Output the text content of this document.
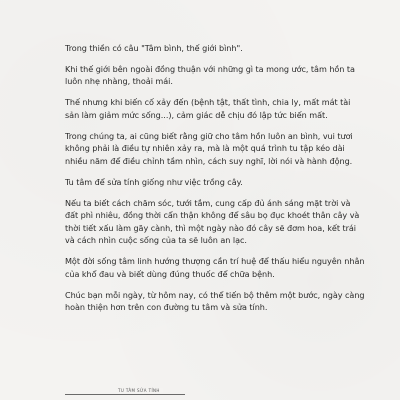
Trong thiền có câu "Tâm bình, thế giới bình".

Khi thế giới bên ngoài đồng thuận với những gì ta mong ước, tâm hồn ta luôn nhẹ nhàng, thoải mái.

Thế nhưng khi biến cố xảy đến (bệnh tật, thất tình, chia ly, mất mát tài sản làm giảm mức sống...), cảm giác dễ chịu đó lập tức biến mất.

Trong chúng ta, ai cũng biết rằng giữ cho tâm hồn luôn an bình, vui tươi không phải là điều tự nhiên xảy ra, mà là một quá trình tu tập kéo dài nhiều năm để điều chỉnh tầm nhìn, cách suy nghĩ, lời nói và hành động.

Tu tâm để sửa tính giống như việc trồng cây.

Nếu ta biết cách chăm sóc, tưới tắm, cung cấp đủ ánh sáng mặt trời và đất phì nhiêu, đồng thời cẩn thận không để sâu bọ đục khoét thân cây và thời tiết xấu làm gãy cành, thì một ngày nào đó cây sẽ đơm hoa, kết trái và cách nhìn cuộc sống của ta sẽ luôn an lạc.

Một đời sống tâm linh hướng thượng cần trí huệ để thấu hiểu nguyên nhân của khổ đau và biết dùng đúng thuốc để chữa bệnh.

Chúc bạn mỗi ngày, từ hôm nay, có thể tiến bộ thêm một bước, ngày càng hoàn thiện hơn trên con đường tu tâm và sửa tính.

TU TÂM SỬA TÍNH
